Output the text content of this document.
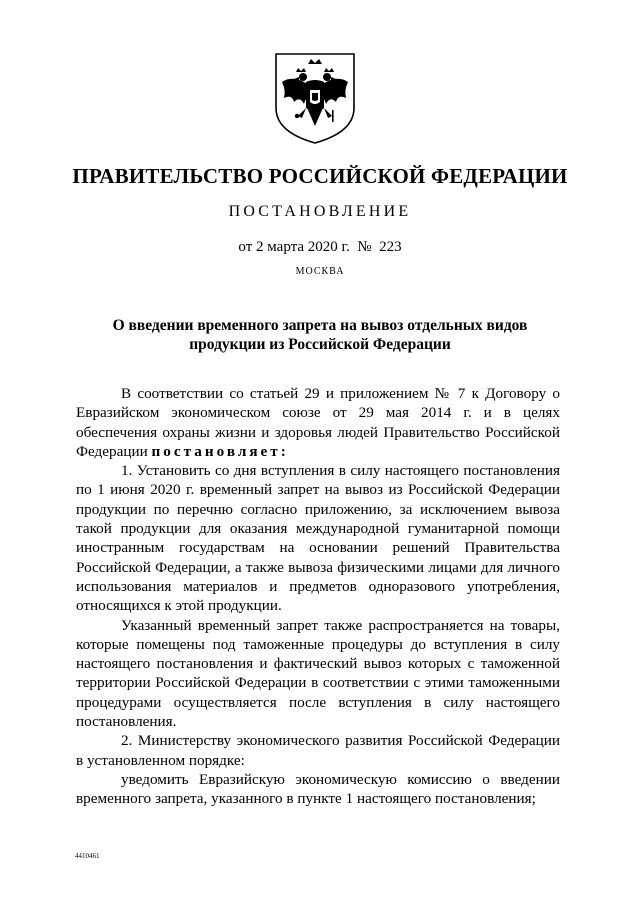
ПРАВИТЕЛЬСТВО РОССИЙСКОЙ ФЕДЕРАЦИИ
ПОСТАНОВЛЕНИЕ
от 2 марта 2020 г. № 223
МОСКВА
О введении временного запрета на вывоз отдельных видов
продукции из Российской Федерации

В соответствии со статьей 29 и приложением № 7 к Договору о Евразийском экономическом союзе от 29 мая 2014 г. и в целях обеспечения охраны жизни и здоровья людей Правительство Российской Федерации постановляет:

1. Установить со дня вступления в силу настоящего постановления по 1 июня 2020 г. временный запрет на вывоз из Российской Федерации продукции по перечню согласно приложению, за исключением вывоза такой продукции для оказания международной гуманитарной помощи иностранным государствам на основании решений Правительства Российской Федерации, а также вывоза физическими лицами для личного использования материалов и предметов одноразового употребления, относящихся к этой продукции.

Указанный временный запрет также распространяется на товары, которые помещены под таможенные процедуры до вступления в силу настоящего постановления и фактический вывоз которых с таможенной территории Российской Федерации в соответствии с этими таможенными процедурами осуществляется после вступления в силу настоящего постановления.

2. Министерству экономического развития Российской Федерации в установленном порядке:

уведомить Евразийскую экономическую комиссию о введении временного запрета, указанного в пункте 1 настоящего постановления;

4410461
